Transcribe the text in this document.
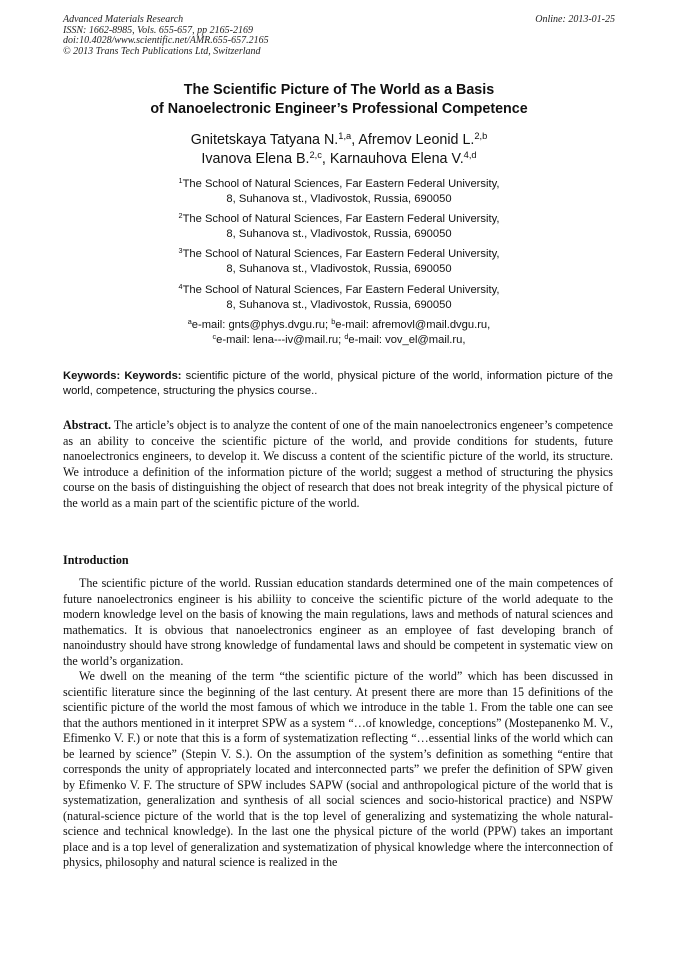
Advanced Materials Research
ISSN: 1662-8985, Vols. 655-657, pp 2165-2169
doi:10.4028/www.scientific.net/AMR.655-657.2165
© 2013 Trans Tech Publications Ltd, Switzerland
Online: 2013-01-25
The Scientific Picture of The World as a Basis
of Nanoelectronic Engineer’s Professional Competence
Gnitetskaya Tatyana N.$^{1,a}$, Afremov Leonid L.$^{2,b}$
Ivanova Elena B.$^{2,c}$, Karnauhova Elena V.$^{4,d}$
$^1$The School of Natural Sciences, Far Eastern Federal University,
8, Suhanova st., Vladivostok, Russia, 690050
$^2$The School of Natural Sciences, Far Eastern Federal University,
8, Suhanova st., Vladivostok, Russia, 690050
$^3$The School of Natural Sciences, Far Eastern Federal University,
8, Suhanova st., Vladivostok, Russia, 690050
$^4$The School of Natural Sciences, Far Eastern Federal University,
8, Suhanova st., Vladivostok, Russia, 690050
$^a$e-mail: gnts@phys.dvgu.ru; $^b$e-mail: afremovl@mail.dvgu.ru,
$^c$e-mail: lena---iv@mail.ru; $^d$e-mail: vov_el@mail.ru,
Keywords: Keywords: scientific picture of the world, physical picture of the world, information picture of the world, competence, structuring the physics course..
Abstract. The article’s object is to analyze the content of one of the main nanoelectronics engeneer’s competence as an ability to conceive the scientific picture of the world, and provide conditions for students, future nanoelectronics engineers, to develop it. We discuss a content of the scientific picture of the world, its structure. We introduce a definition of the information picture of the world; suggest a method of structuring the physics course on the basis of distinguishing the object of research that does not break integrity of the physical picture of the world as a main part of the scientific picture of the world.
Introduction

The scientific picture of the world. Russian education standards determined one of the main competences of future nanoelectronics engineer is his abiliity to conceive the scientific picture of the world adequate to the modern knowledge level on the basis of knowing the main regulations, laws and methods of natural sciences and mathematics. It is obvious that nanoelectronics engineer as an employee of fast developing branch of nanoindustry should have strong knowledge of fundamental laws and should be competent in systematic view on the world’s organization.

We dwell on the meaning of the term “the scientific picture of the world” which has been discussed in scientific literature since the beginning of the last century. At present there are more than 15 definitions of the scientific picture of the world the most famous of which we introduce in the table 1. From the table one can see that the authors mentioned in it interpret SPW as a system “…of knowledge, conceptions” (Mostepanenko M. V., Efimenko V. F.) or note that this is a form of systematization reflecting “…essential links of the world which can be learned by science” (Stepin V. S.). On the assumption of the system’s definition as something “entire that corresponds the unity of appropriately located and interconnected parts” we prefer the definition of SPW given by Efimenko V. F. The structure of SPW includes SAPW (social and anthropological picture of the world that is systematization, generalization and synthesis of all social sciences and socio-historical practice) and NSPW (natural-science picture of the world that is the top level of generalizing and systematizing the whole natural-science and technical knowledge). In the last one the physical picture of the world (PPW) takes an important place and is a top level of generalization and systematization of physical knowledge where the interconnection of physics, philosophy and natural science is realized in the
